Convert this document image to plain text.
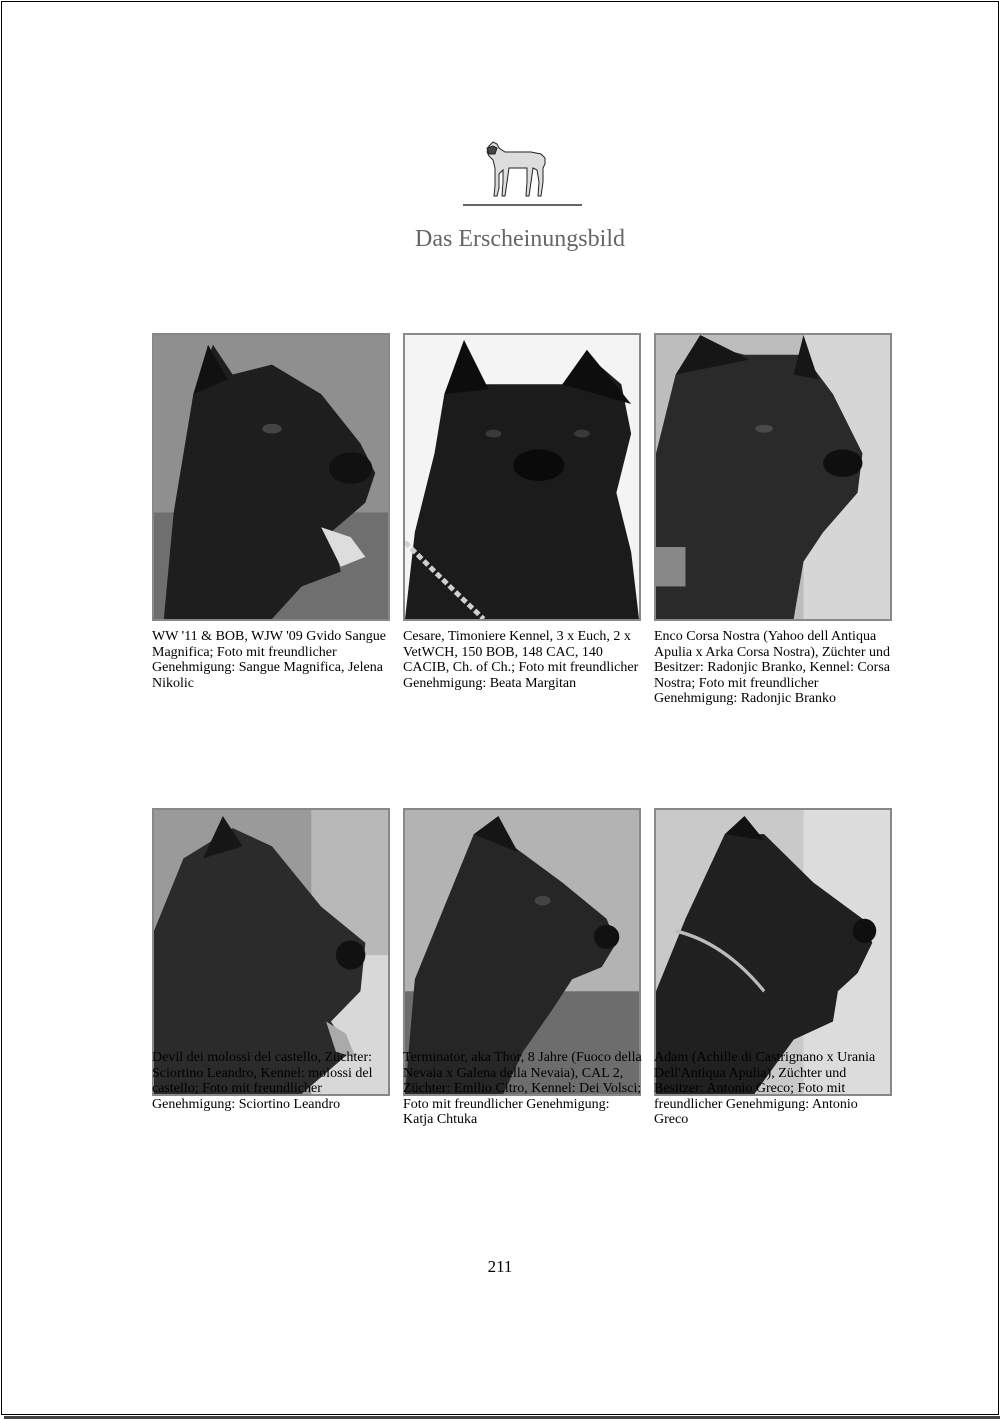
Das Erscheinungsbild
WW '11 & BOB, WJW '09 Gvido Sangue Magnifica; Foto mit freundlicher Genehmigung: Sangue Magnifica, Jelena Nikolic
Cesare, Timoniere Kennel, 3 x Euch, 2 x VetWCH, 150 BOB, 148 CAC, 140 CACIB, Ch. of Ch.; Foto mit freundlicher Genehmigung: Beata Margitan
Enco Corsa Nostra (Yahoo dell Antiqua Apulia x Arka Corsa Nostra), Züchter und Besitzer: Radonjic Branko, Kennel: Corsa Nostra; Foto mit freundlicher Genehmigung: Radonjic Branko
Devil dei molossi del castello, Züchter: Sciortino Leandro, Kennel: molossi del castello; Foto mit freundlicher Genehmigung: Sciortino Leandro
Terminator, aka Thor, 8 Jahre (Fuoco della Nevaia x Galena della Nevaia), CAL 2, Züchter: Emilio Citro, Kennel: Dei Volsci; Foto mit freundlicher Genehmigung: Katja Chtuka
Adam (Achille di Castrignano x Urania Dell'Antiqua Apulia), Züchter und Besitzer: Antonio Greco; Foto mit freundlicher Genehmigung: Antonio Greco
211
